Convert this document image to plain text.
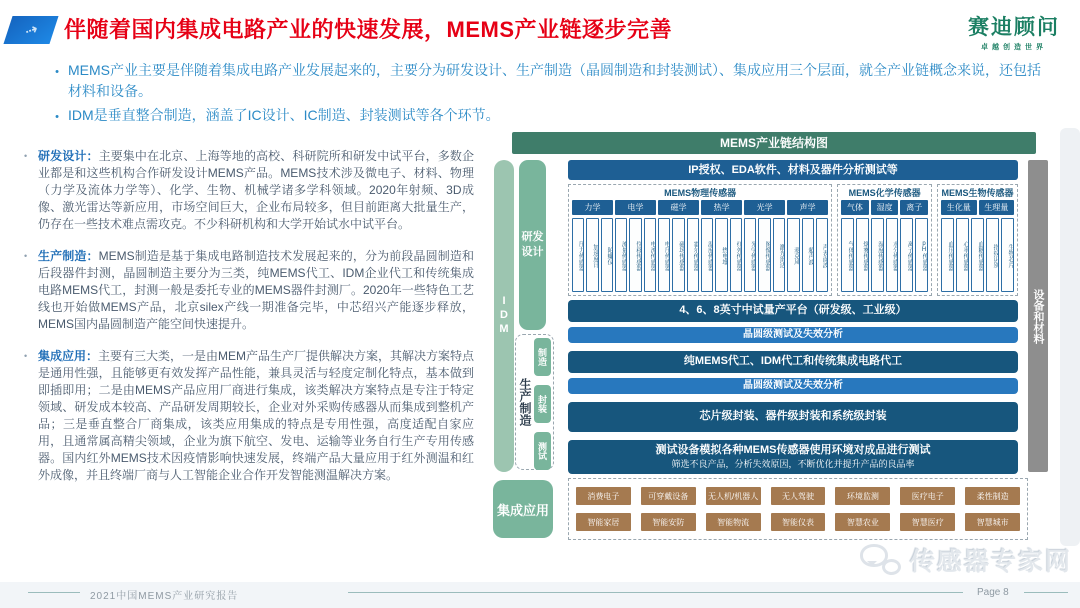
⇢ 伴随着国内集成电路产业的快速发展，MEMS产业链逐步完善	赛迪顾问
卓越创造世界
• MEMS产业主要是伴随着集成电路产业发展起来的，主要分为研发设计、生产制造（晶圆制造和封装测试）、集成应用三个层面，就全产业链概念来说，还包括材料和设备。
• IDM是垂直整合制造，涵盖了IC设计、IC制造、封装测试等各个环节。
• 研发设计：主要集中在北京、上海等地的高校、科研院所和研发中试平台，多数企业都是和这些机构合作研发设计MEMS产品。MEMS技术涉及微电子、材料、物理（力学及流体力学等）、化学、生物、机械学诸多学科领域。2020年射频、3D成像、激光雷达等新应用，市场空间巨大，企业布局较多，但目前距离大批量生产，仍存在一些技术难点需攻克。不少科研机构和大学开始试水中试平台。
• 生产制造：MEMS制造是基于集成电路制造技术发展起来的，分为前段晶圆制造和后段器件封测，晶圆制造主要分为三类，纯MEMS代工、IDM企业代工和传统集成电路MEMS代工，封测一般是委托专业的MEMS器件封测厂。2020年一些特色工艺线也开始做MEMS产品，北京silex产线一期准备完毕，中芯绍兴产能逐步释放，MEMS国内晶圆制造产能空间快速提升。
• 集成应用：主要有三大类，一是由MEM产品生产厂提供解决方案，其解决方案特点是通用性强，且能够更有效发挥产品性能，兼具灵活与轻度定制化特点，基本做到即插即用；二是由MEMS产品应用厂商进行集成，该类解决方案特点是专注于特定领域、研发成本较高、产品研发周期较长，企业对外采购传感器从而集成到整机产品；三是垂直整合厂商集成，该类应用集成的特点是专用性强，高度适配自家应用，且通常属高精尖领域，企业为旗下航空、发电、运输等业务自行生产专用传感器。国内红外MEMS技术因疫情影响快速发展，终端产品大量应用于红外测温和红外成像，并且终端厂商与人工智能企业合作开发智能测温解决方案。
MEMS产业链结构图
IDM
研发设计
生产制造
制造
封装
测试
IP授权、EDA软件、材料及器件分析测试等
MEMS物理传感器
力学	电学	磁学	热学	光学	声学
压力传感器	加速度计	陀螺仪	流量传感器	位移传感器	电流传感器	电压传感器	磁场传感器	霍尔传感器	温度传感器	热电堆	红外传感器	光学传感器	图像传感器	激光雷达	麦克风	超声波	声表面波
MEMS化学传感器
气体	湿度	离子
气体传感器	烟雾传感器	湿度传感器	水分传感器	离子传感器	pH传感器
MEMS生物传感器
生化量	生理量
血压传感器	心率传感器	血糖传感器	指纹识别	生物芯片
4、6、8英寸中试量产平台（研发级、工业级）
晶圆级测试及失效分析
纯MEMS代工、IDM代工和传统集成电路代工
晶圆级测试及失效分析
芯片级封装、器件级封装和系统级封装
测试设备模拟各种MEMS传感器使用环境对成品进行测试
筛选不良产品，分析失效原因，不断优化并提升产品的良品率
设备和材料
集成应用
消费电子	可穿戴设备	无人机/机器人	无人驾驶	环境监测	医疗电子	柔性制造
智能家居	智能安防	智能物流	智能仪表	智慧农业	智慧医疗	智慧城市
传感器专家网
2021中国MEMS产业研究报告	Page 8
